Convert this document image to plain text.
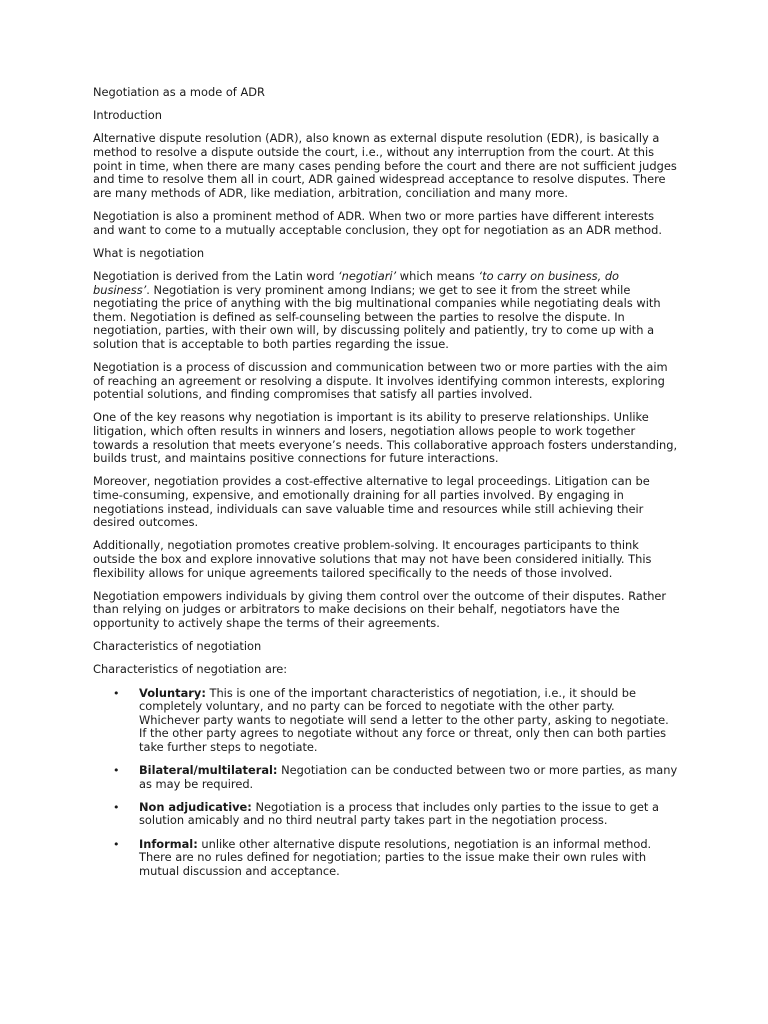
Negotiation as a mode of ADR

Introduction

Alternative dispute resolution (ADR), also known as external dispute resolution (EDR), is basically a method to resolve a dispute outside the court, i.e., without any interruption from the court. At this point in time, when there are many cases pending before the court and there are not sufficient judges and time to resolve them all in court, ADR gained widespread acceptance to resolve disputes. There are many methods of ADR, like mediation, arbitration, conciliation and many more.

Negotiation is also a prominent method of ADR. When two or more parties have different interests and want to come to a mutually acceptable conclusion, they opt for negotiation as an ADR method.

What is negotiation

Negotiation is derived from the Latin word ‘negotiari’ which means ‘to carry on business, do business’. Negotiation is very prominent among Indians; we get to see it from the street while negotiating the price of anything with the big multinational companies while negotiating deals with them. Negotiation is defined as self-counseling between the parties to resolve the dispute. In negotiation, parties, with their own will, by discussing politely and patiently, try to come up with a solution that is acceptable to both parties regarding the issue.

Negotiation is a process of discussion and communication between two or more parties with the aim of reaching an agreement or resolving a dispute. It involves identifying common interests, exploring potential solutions, and finding compromises that satisfy all parties involved.

One of the key reasons why negotiation is important is its ability to preserve relationships. Unlike litigation, which often results in winners and losers, negotiation allows people to work together towards a resolution that meets everyone’s needs. This collaborative approach fosters understanding, builds trust, and maintains positive connections for future interactions.

Moreover, negotiation provides a cost-effective alternative to legal proceedings. Litigation can be time-consuming, expensive, and emotionally draining for all parties involved. By engaging in negotiations instead, individuals can save valuable time and resources while still achieving their desired outcomes.

Additionally, negotiation promotes creative problem-solving. It encourages participants to think outside the box and explore innovative solutions that may not have been considered initially. This flexibility allows for unique agreements tailored specifically to the needs of those involved.

Negotiation empowers individuals by giving them control over the outcome of their disputes. Rather than relying on judges or arbitrators to make decisions on their behalf, negotiators have the opportunity to actively shape the terms of their agreements.

Characteristics of negotiation

Characteristics of negotiation are:

• Voluntary: This is one of the important characteristics of negotiation, i.e., it should be completely voluntary, and no party can be forced to negotiate with the other party. Whichever party wants to negotiate will send a letter to the other party, asking to negotiate. If the other party agrees to negotiate without any force or threat, only then can both parties take further steps to negotiate.
• Bilateral/multilateral: Negotiation can be conducted between two or more parties, as many as may be required.
• Non adjudicative: Negotiation is a process that includes only parties to the issue to get a solution amicably and no third neutral party takes part in the negotiation process.
• Informal: unlike other alternative dispute resolutions, negotiation is an informal method. There are no rules defined for negotiation; parties to the issue make their own rules with mutual discussion and acceptance.
